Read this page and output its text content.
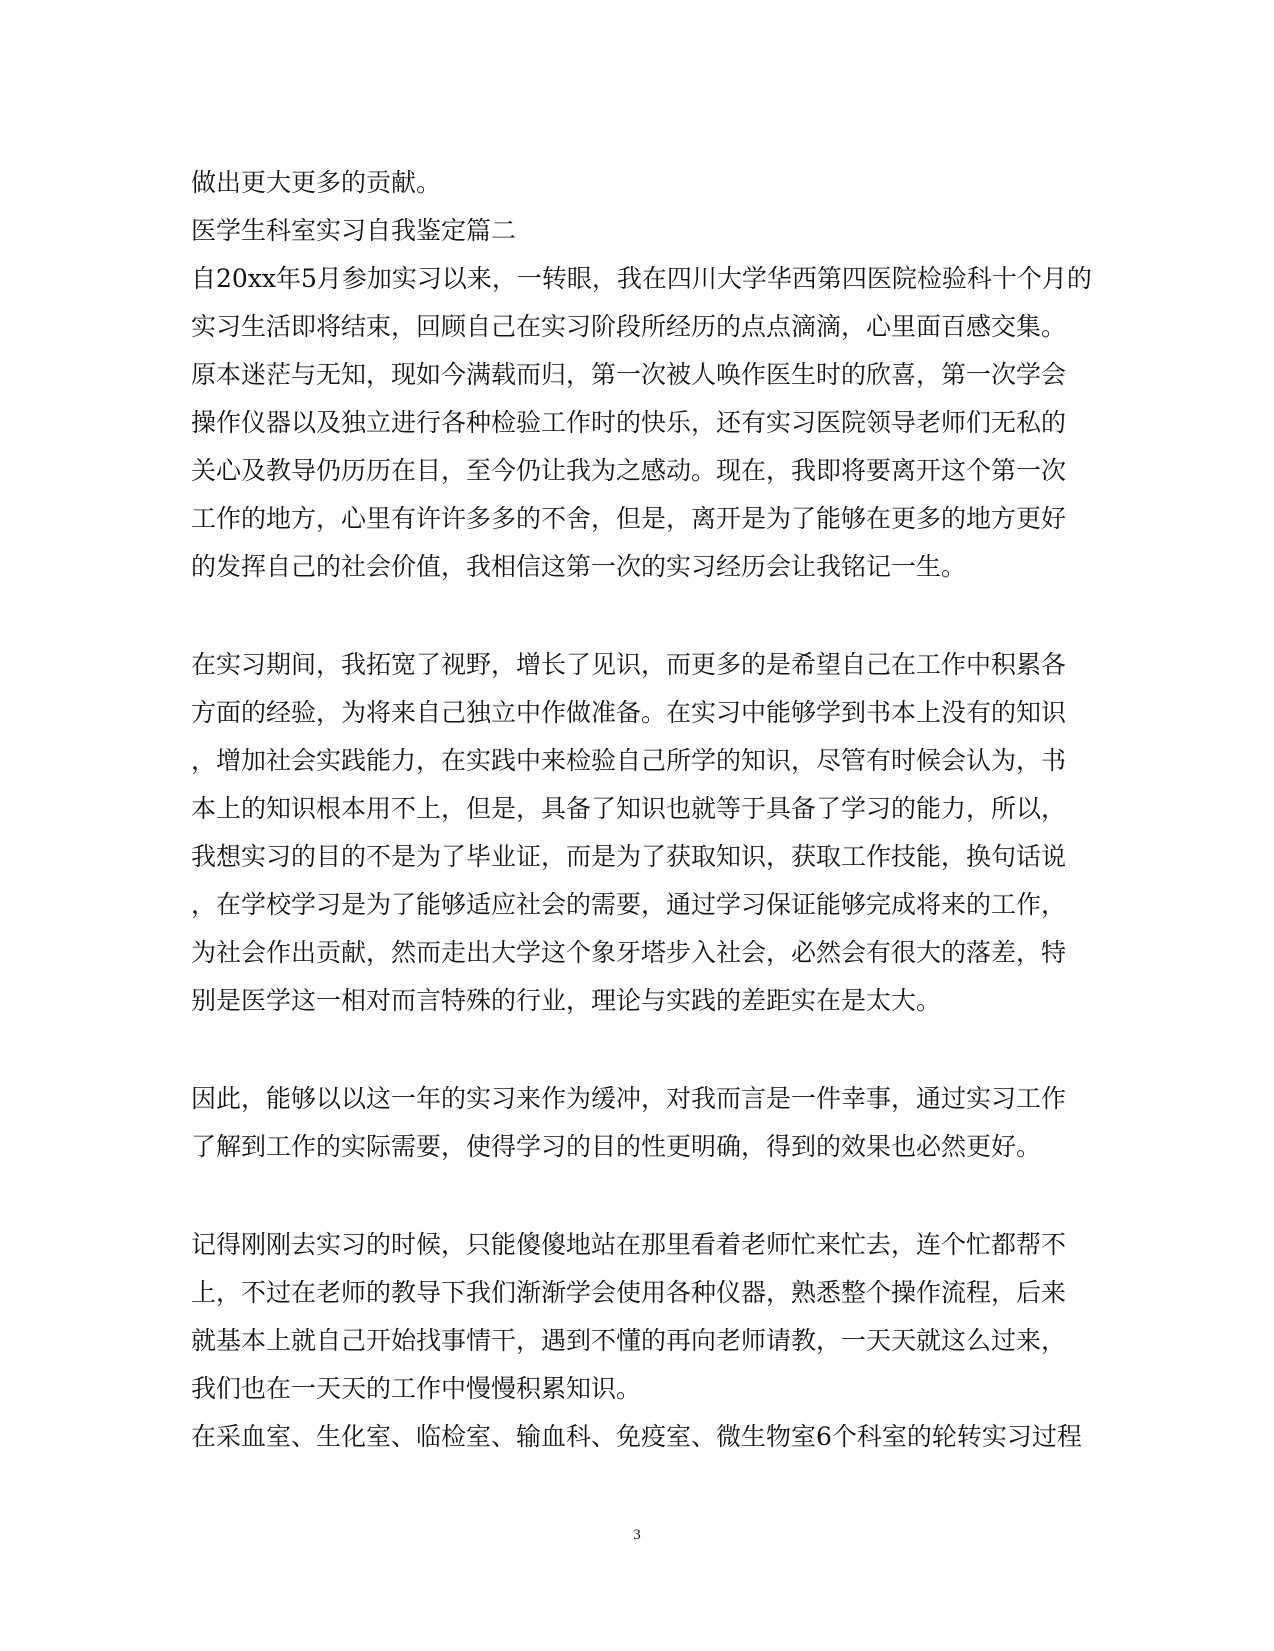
做出更大更多的贡献。
医学生科室实习自我鉴定篇二
自20xx年5月参加实习以来，一转眼，我在四川大学华西第四医院检验科十个月的
实习生活即将结束，回顾自己在实习阶段所经历的点点滴滴，心里面百感交集。
原本迷茫与无知，现如今满载而归，第一次被人唤作医生时的欣喜，第一次学会
操作仪器以及独立进行各种检验工作时的快乐，还有实习医院领导老师们无私的
关心及教导仍历历在目，至今仍让我为之感动。现在，我即将要离开这个第一次
工作的地方，心里有许许多多的不舍，但是，离开是为了能够在更多的地方更好
的发挥自己的社会价值，我相信这第一次的实习经历会让我铭记一生。
在实习期间，我拓宽了视野，增长了见识，而更多的是希望自己在工作中积累各
方面的经验，为将来自己独立中作做准备。在实习中能够学到书本上没有的知识
，增加社会实践能力，在实践中来检验自己所学的知识，尽管有时候会认为，书
本上的知识根本用不上，但是，具备了知识也就等于具备了学习的能力，所以，
我想实习的目的不是为了毕业证，而是为了获取知识，获取工作技能，换句话说
，在学校学习是为了能够适应社会的需要，通过学习保证能够完成将来的工作，
为社会作出贡献，然而走出大学这个象牙塔步入社会，必然会有很大的落差，特
别是医学这一相对而言特殊的行业，理论与实践的差距实在是太大。
因此，能够以以这一年的实习来作为缓冲，对我而言是一件幸事，通过实习工作
了解到工作的实际需要，使得学习的目的性更明确，得到的效果也必然更好。
记得刚刚去实习的时候，只能傻傻地站在那里看着老师忙来忙去，连个忙都帮不
上，不过在老师的教导下我们渐渐学会使用各种仪器，熟悉整个操作流程，后来
就基本上就自己开始找事情干，遇到不懂的再向老师请教，一天天就这么过来，
我们也在一天天的工作中慢慢积累知识。
在采血室、生化室、临检室、输血科、免疫室、微生物室6个科室的轮转实习过程
3
